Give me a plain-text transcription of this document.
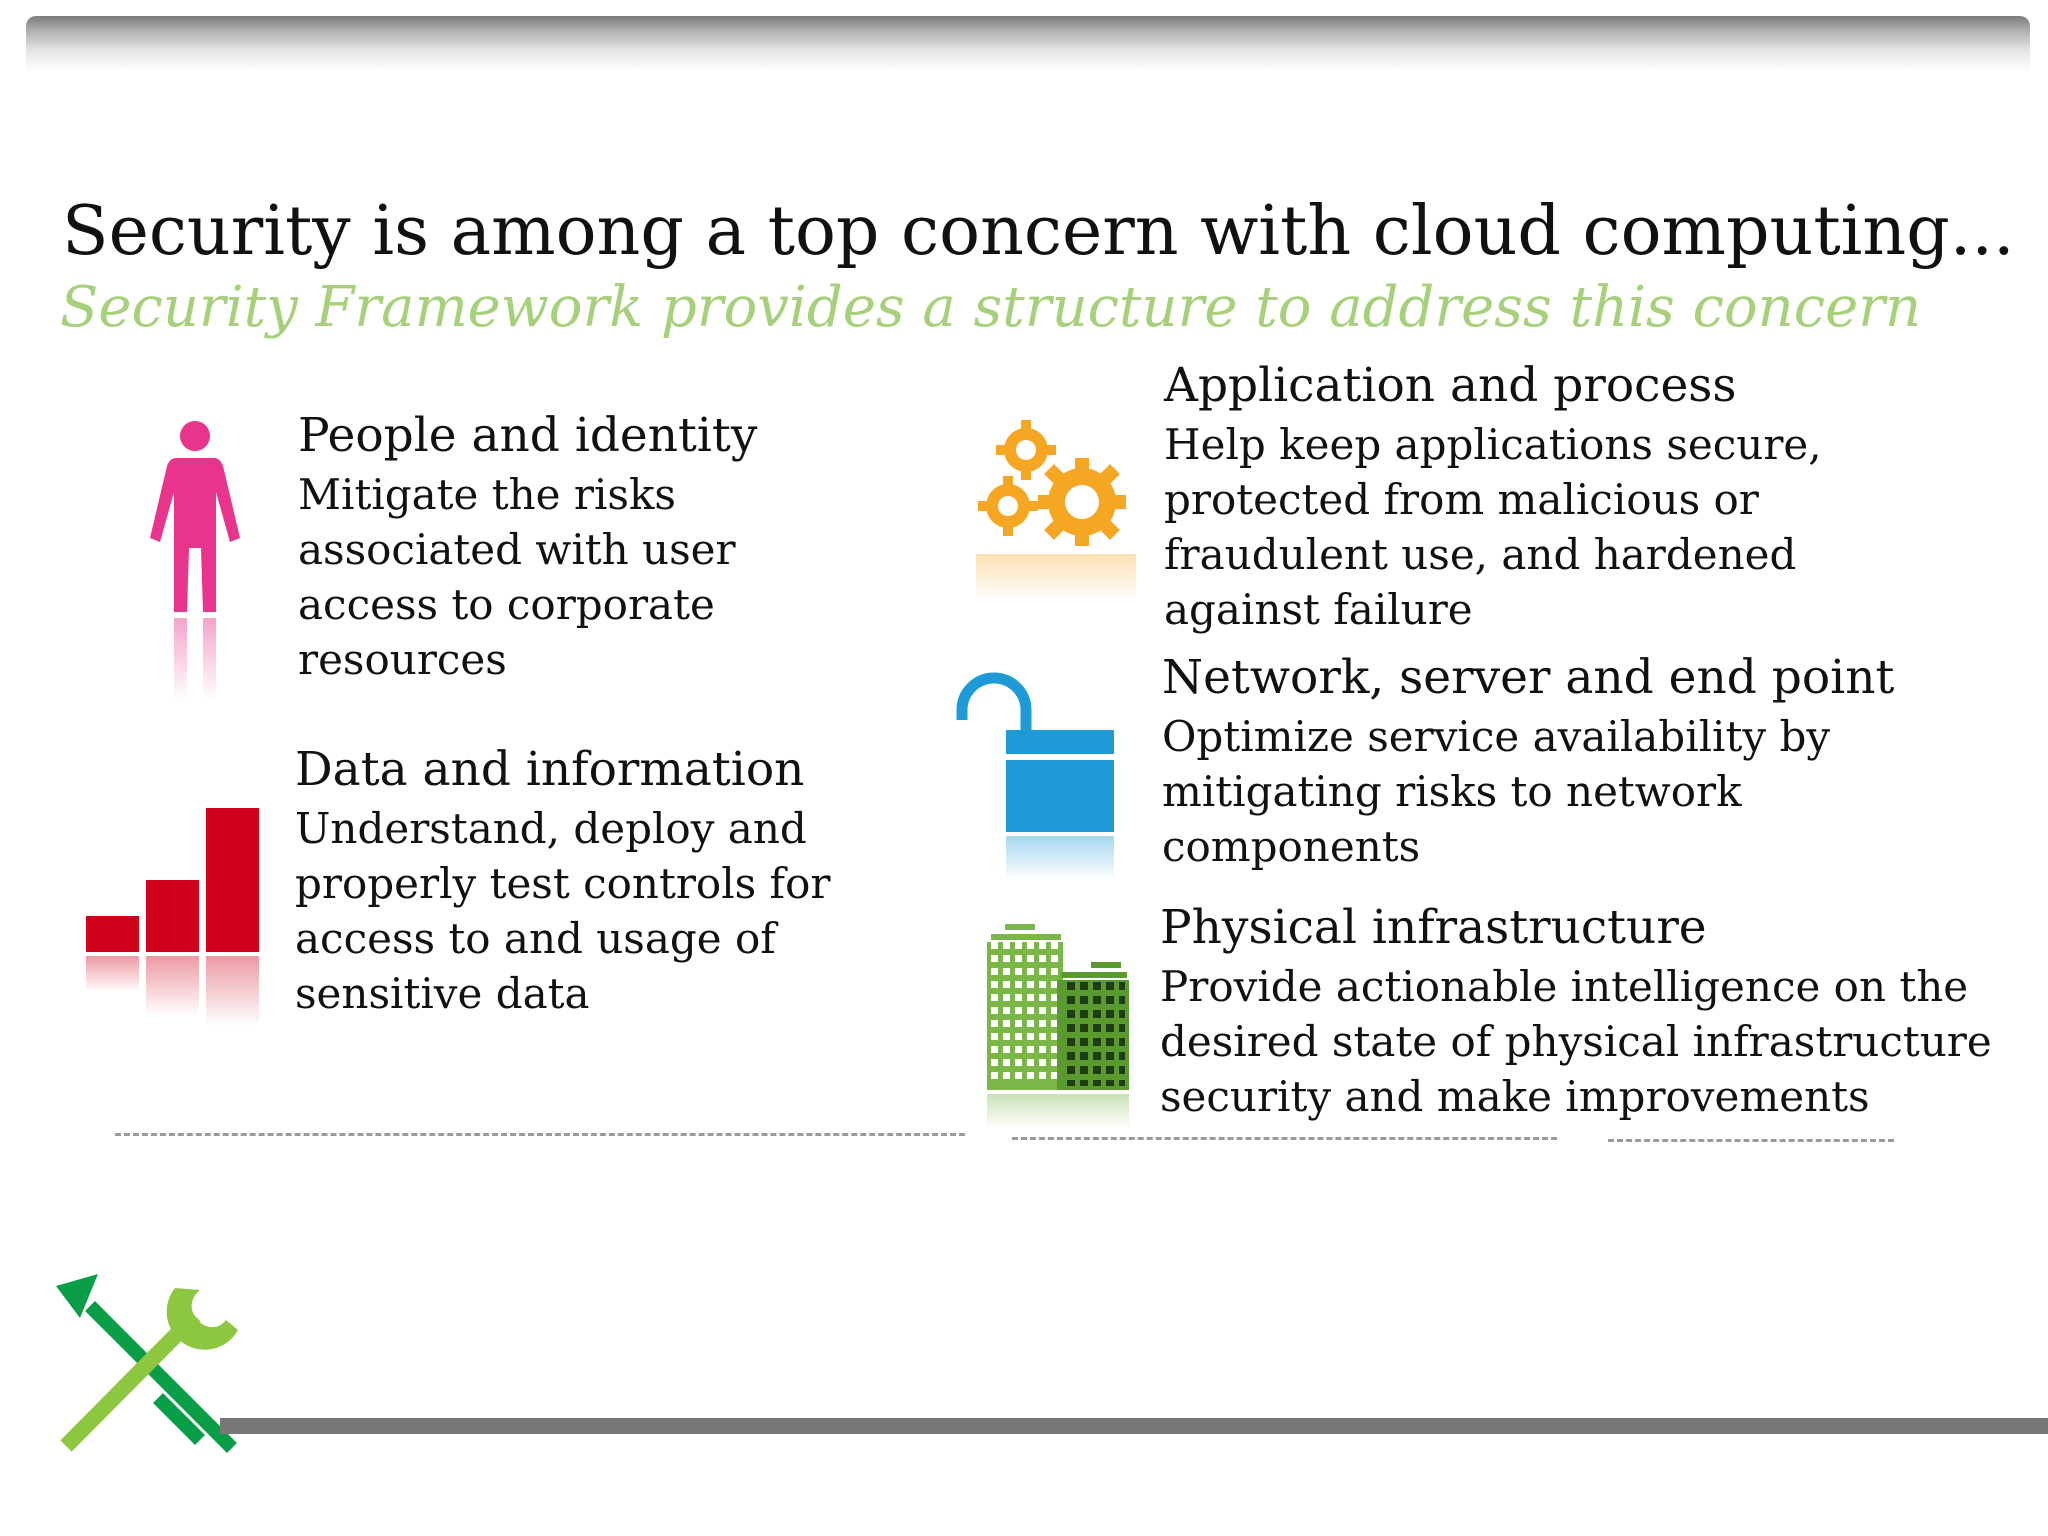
Security is among a top concern with cloud computing...
Security Framework provides a structure to address this concern
People and identity
Mitigate the risks
associated with user
access to corporate
resources
Data and information
Understand, deploy and
properly test controls for
access to and usage of
sensitive data
Application and process
Help keep applications secure,
protected from malicious or
fraudulent use, and hardened
against failure
Network, server and end point
Optimize service availability by
mitigating risks to network
components
Physical infrastructure
Provide actionable intelligence on the
desired state of physical infrastructure
security and make improvements
